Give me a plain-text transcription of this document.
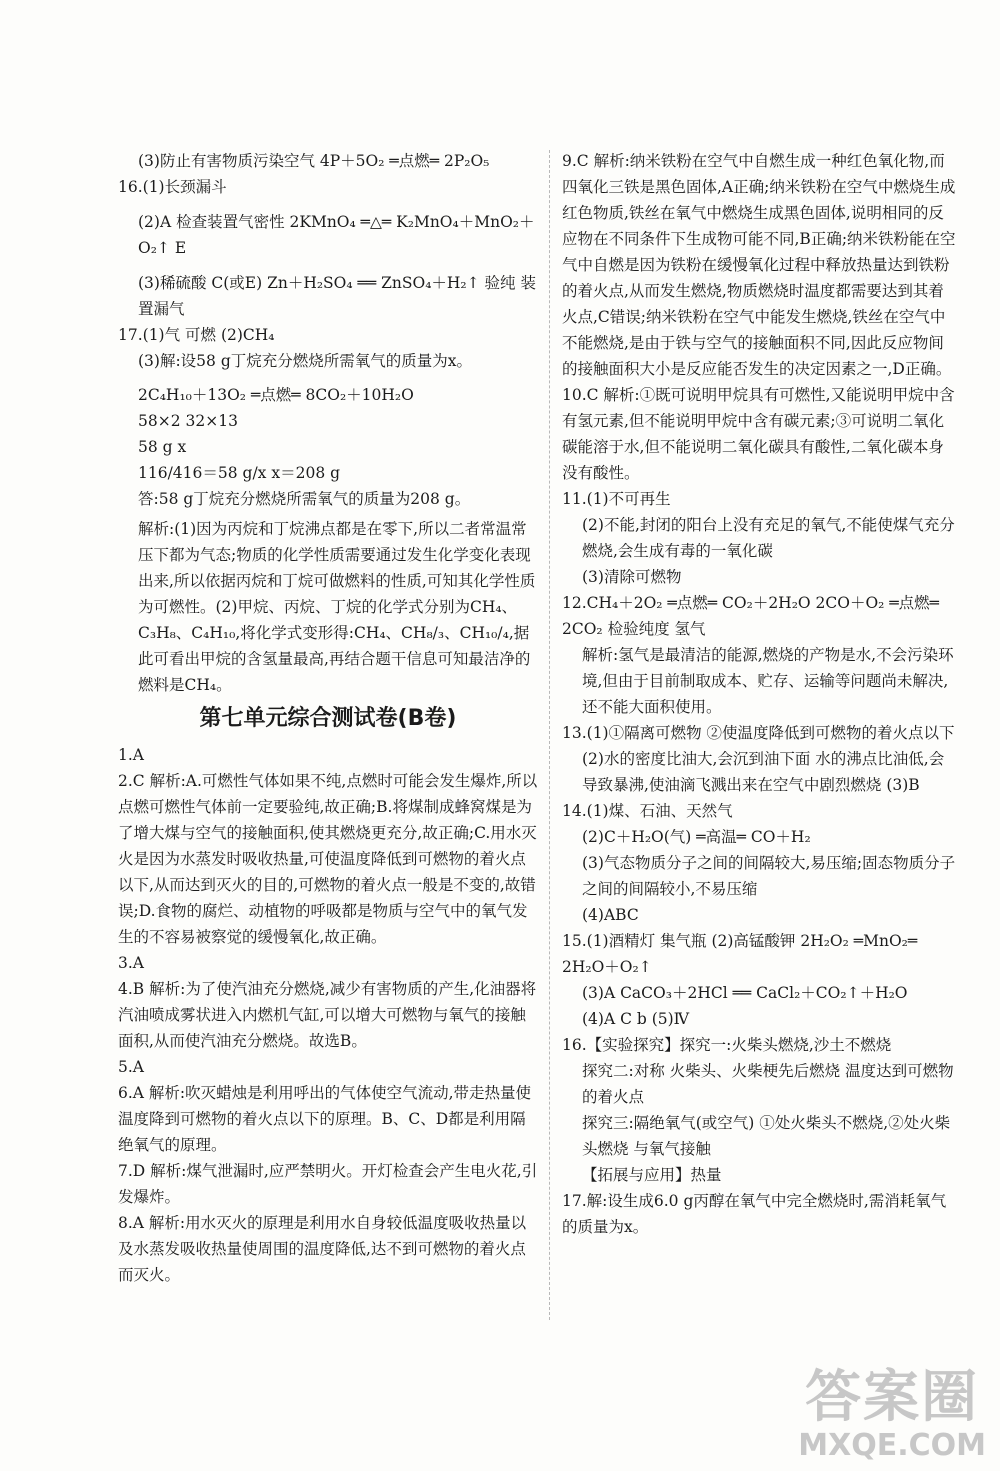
(3)防止有害物质污染空气 4P＋5O₂ ═点燃═ 2P₂O₅

16.(1)长颈漏斗

(2)A 检查装置气密性 2KMnO₄ ═△═ K₂MnO₄＋MnO₂＋O₂↑ E

(3)稀硫酸 C(或E) Zn＋H₂SO₄ ══ ZnSO₄＋H₂↑ 验纯 装置漏气

17.(1)气 可燃 (2)CH₄

(3)解:设58 g丁烷充分燃烧所需氧气的质量为x。

2C₄H₁₀＋13O₂ ═点燃═ 8CO₂＋10H₂O

58×2 32×13

58 g x

116/416＝58 g/x x＝208 g

答:58 g丁烷充分燃烧所需氧气的质量为208 g。

解析:(1)因为丙烷和丁烷沸点都是在零下,所以二者常温常压下都为气态;物质的化学性质需要通过发生化学变化表现出来,所以依据丙烷和丁烷可做燃料的性质,可知其化学性质为可燃性。(2)甲烷、丙烷、丁烷的化学式分别为CH₄、C₃H₈、C₄H₁₀,将化学式变形得:CH₄、CH₈/₃、CH₁₀/₄,据此可看出甲烷的含氢量最高,再结合题干信息可知最洁净的燃料是CH₄。

第七单元综合测试卷(B卷)

1.A

2.C 解析:A.可燃性气体如果不纯,点燃时可能会发生爆炸,所以点燃可燃性气体前一定要验纯,故正确;B.将煤制成蜂窝煤是为了增大煤与空气的接触面积,使其燃烧更充分,故正确;C.用水灭火是因为水蒸发时吸收热量,可使温度降低到可燃物的着火点以下,从而达到灭火的目的,可燃物的着火点一般是不变的,故错误;D.食物的腐烂、动植物的呼吸都是物质与空气中的氧气发生的不容易被察觉的缓慢氧化,故正确。

3.A

4.B 解析:为了使汽油充分燃烧,减少有害物质的产生,化油器将汽油喷成雾状进入内燃机气缸,可以增大可燃物与氧气的接触面积,从而使汽油充分燃烧。故选B。

5.A

6.A 解析:吹灭蜡烛是利用呼出的气体使空气流动,带走热量使温度降到可燃物的着火点以下的原理。B、C、D都是利用隔绝氧气的原理。

7.D 解析:煤气泄漏时,应严禁明火。开灯检查会产生电火花,引发爆炸。

8.A 解析:用水灭火的原理是利用水自身较低温度吸收热量以及水蒸发吸收热量使周围的温度降低,达不到可燃物的着火点而灭火。

9.C 解析:纳米铁粉在空气中自燃生成一种红色氧化物,而四氧化三铁是黑色固体,A正确;纳米铁粉在空气中燃烧生成红色物质,铁丝在氧气中燃烧生成黑色固体,说明相同的反应物在不同条件下生成物可能不同,B正确;纳米铁粉能在空气中自燃是因为铁粉在缓慢氧化过程中释放热量达到铁粉的着火点,从而发生燃烧,物质燃烧时温度都需要达到其着火点,C错误;纳米铁粉在空气中能发生燃烧,铁丝在空气中不能燃烧,是由于铁与空气的接触面积不同,因此反应物间的接触面积大小是反应能否发生的决定因素之一,D正确。

10.C 解析:①既可说明甲烷具有可燃性,又能说明甲烷中含有氢元素,但不能说明甲烷中含有碳元素;③可说明二氧化碳能溶于水,但不能说明二氧化碳具有酸性,二氧化碳本身没有酸性。

11.(1)不可再生

(2)不能,封闭的阳台上没有充足的氧气,不能使煤气充分燃烧,会生成有毒的一氧化碳

(3)清除可燃物

12.CH₄＋2O₂ ═点燃═ CO₂＋2H₂O 2CO＋O₂ ═点燃═ 2CO₂ 检验纯度 氢气

解析:氢气是最清洁的能源,燃烧的产物是水,不会污染环境,但由于目前制取成本、贮存、运输等问题尚未解决,还不能大面积使用。

13.(1)①隔离可燃物 ②使温度降低到可燃物的着火点以下

(2)水的密度比油大,会沉到油下面 水的沸点比油低,会导致暴沸,使油滴飞溅出来在空气中剧烈燃烧 (3)B

14.(1)煤、石油、天然气

(2)C＋H₂O(气) ═高温═ CO＋H₂

(3)气态物质分子之间的间隔较大,易压缩;固态物质分子之间的间隔较小,不易压缩

(4)ABC

15.(1)酒精灯 集气瓶 (2)高锰酸钾 2H₂O₂ ═MnO₂═ 2H₂O＋O₂↑

(3)A CaCO₃＋2HCl ══ CaCl₂＋CO₂↑＋H₂O

(4)A C b (5)Ⅳ

16.【实验探究】探究一:火柴头燃烧,沙土不燃烧

探究二:对称 火柴头、火柴梗先后燃烧 温度达到可燃物的着火点

探究三:隔绝氧气(或空气) ①处火柴头不燃烧,②处火柴头燃烧 与氧气接触

【拓展与应用】热量

17.解:设生成6.0 g丙醇在氧气中完全燃烧时,需消耗氧气的质量为x。

答案圈
MXQE.COM
